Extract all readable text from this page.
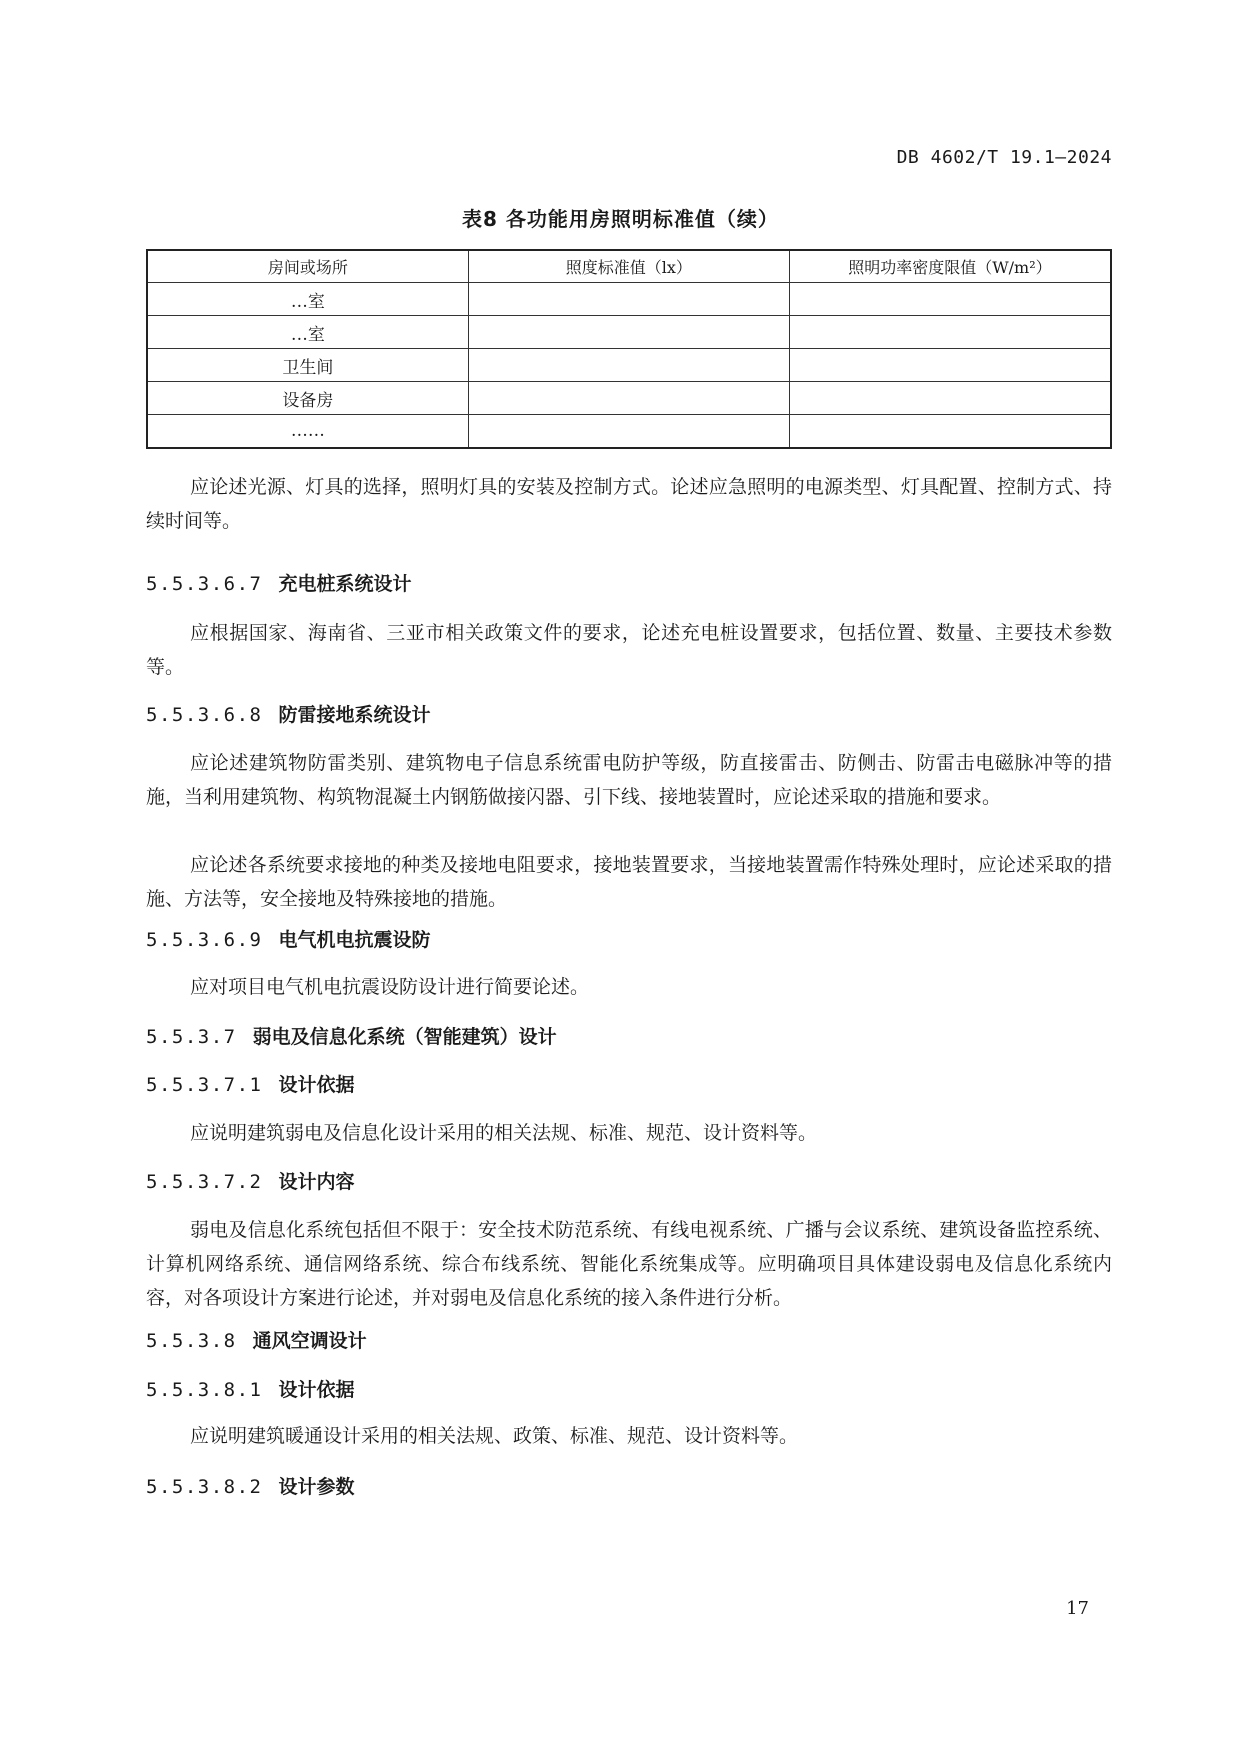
DB 4602/T 19.1—2024
表8 各功能用房照明标准值（续）
房间或场所	照度标准值（lx）	照明功率密度限值（W/m²）
…室		
…室		
卫生间		
设备房		
……		

应论述光源、灯具的选择，照明灯具的安装及控制方式。论述应急照明的电源类型、灯具配置、控制方式、持续时间等。

5.5.3.6.7 充电桩系统设计

应根据国家、海南省、三亚市相关政策文件的要求，论述充电桩设置要求，包括位置、数量、主要技术参数等。

5.5.3.6.8 防雷接地系统设计

应论述建筑物防雷类别、建筑物电子信息系统雷电防护等级，防直接雷击、防侧击、防雷击电磁脉冲等的措施，当利用建筑物、构筑物混凝土内钢筋做接闪器、引下线、接地装置时，应论述采取的措施和要求。

应论述各系统要求接地的种类及接地电阻要求，接地装置要求，当接地装置需作特殊处理时，应论述采取的措施、方法等，安全接地及特殊接地的措施。

5.5.3.6.9 电气机电抗震设防

应对项目电气机电抗震设防设计进行简要论述。

5.5.3.7 弱电及信息化系统（智能建筑）设计
5.5.3.7.1 设计依据

应说明建筑弱电及信息化设计采用的相关法规、标准、规范、设计资料等。

5.5.3.7.2 设计内容

弱电及信息化系统包括但不限于：安全技术防范系统、有线电视系统、广播与会议系统、建筑设备监控系统、计算机网络系统、通信网络系统、综合布线系统、智能化系统集成等。应明确项目具体建设弱电及信息化系统内容，对各项设计方案进行论述，并对弱电及信息化系统的接入条件进行分析。

5.5.3.8 通风空调设计
5.5.3.8.1 设计依据

应说明建筑暖通设计采用的相关法规、政策、标准、规范、设计资料等。

5.5.3.8.2 设计参数
17
